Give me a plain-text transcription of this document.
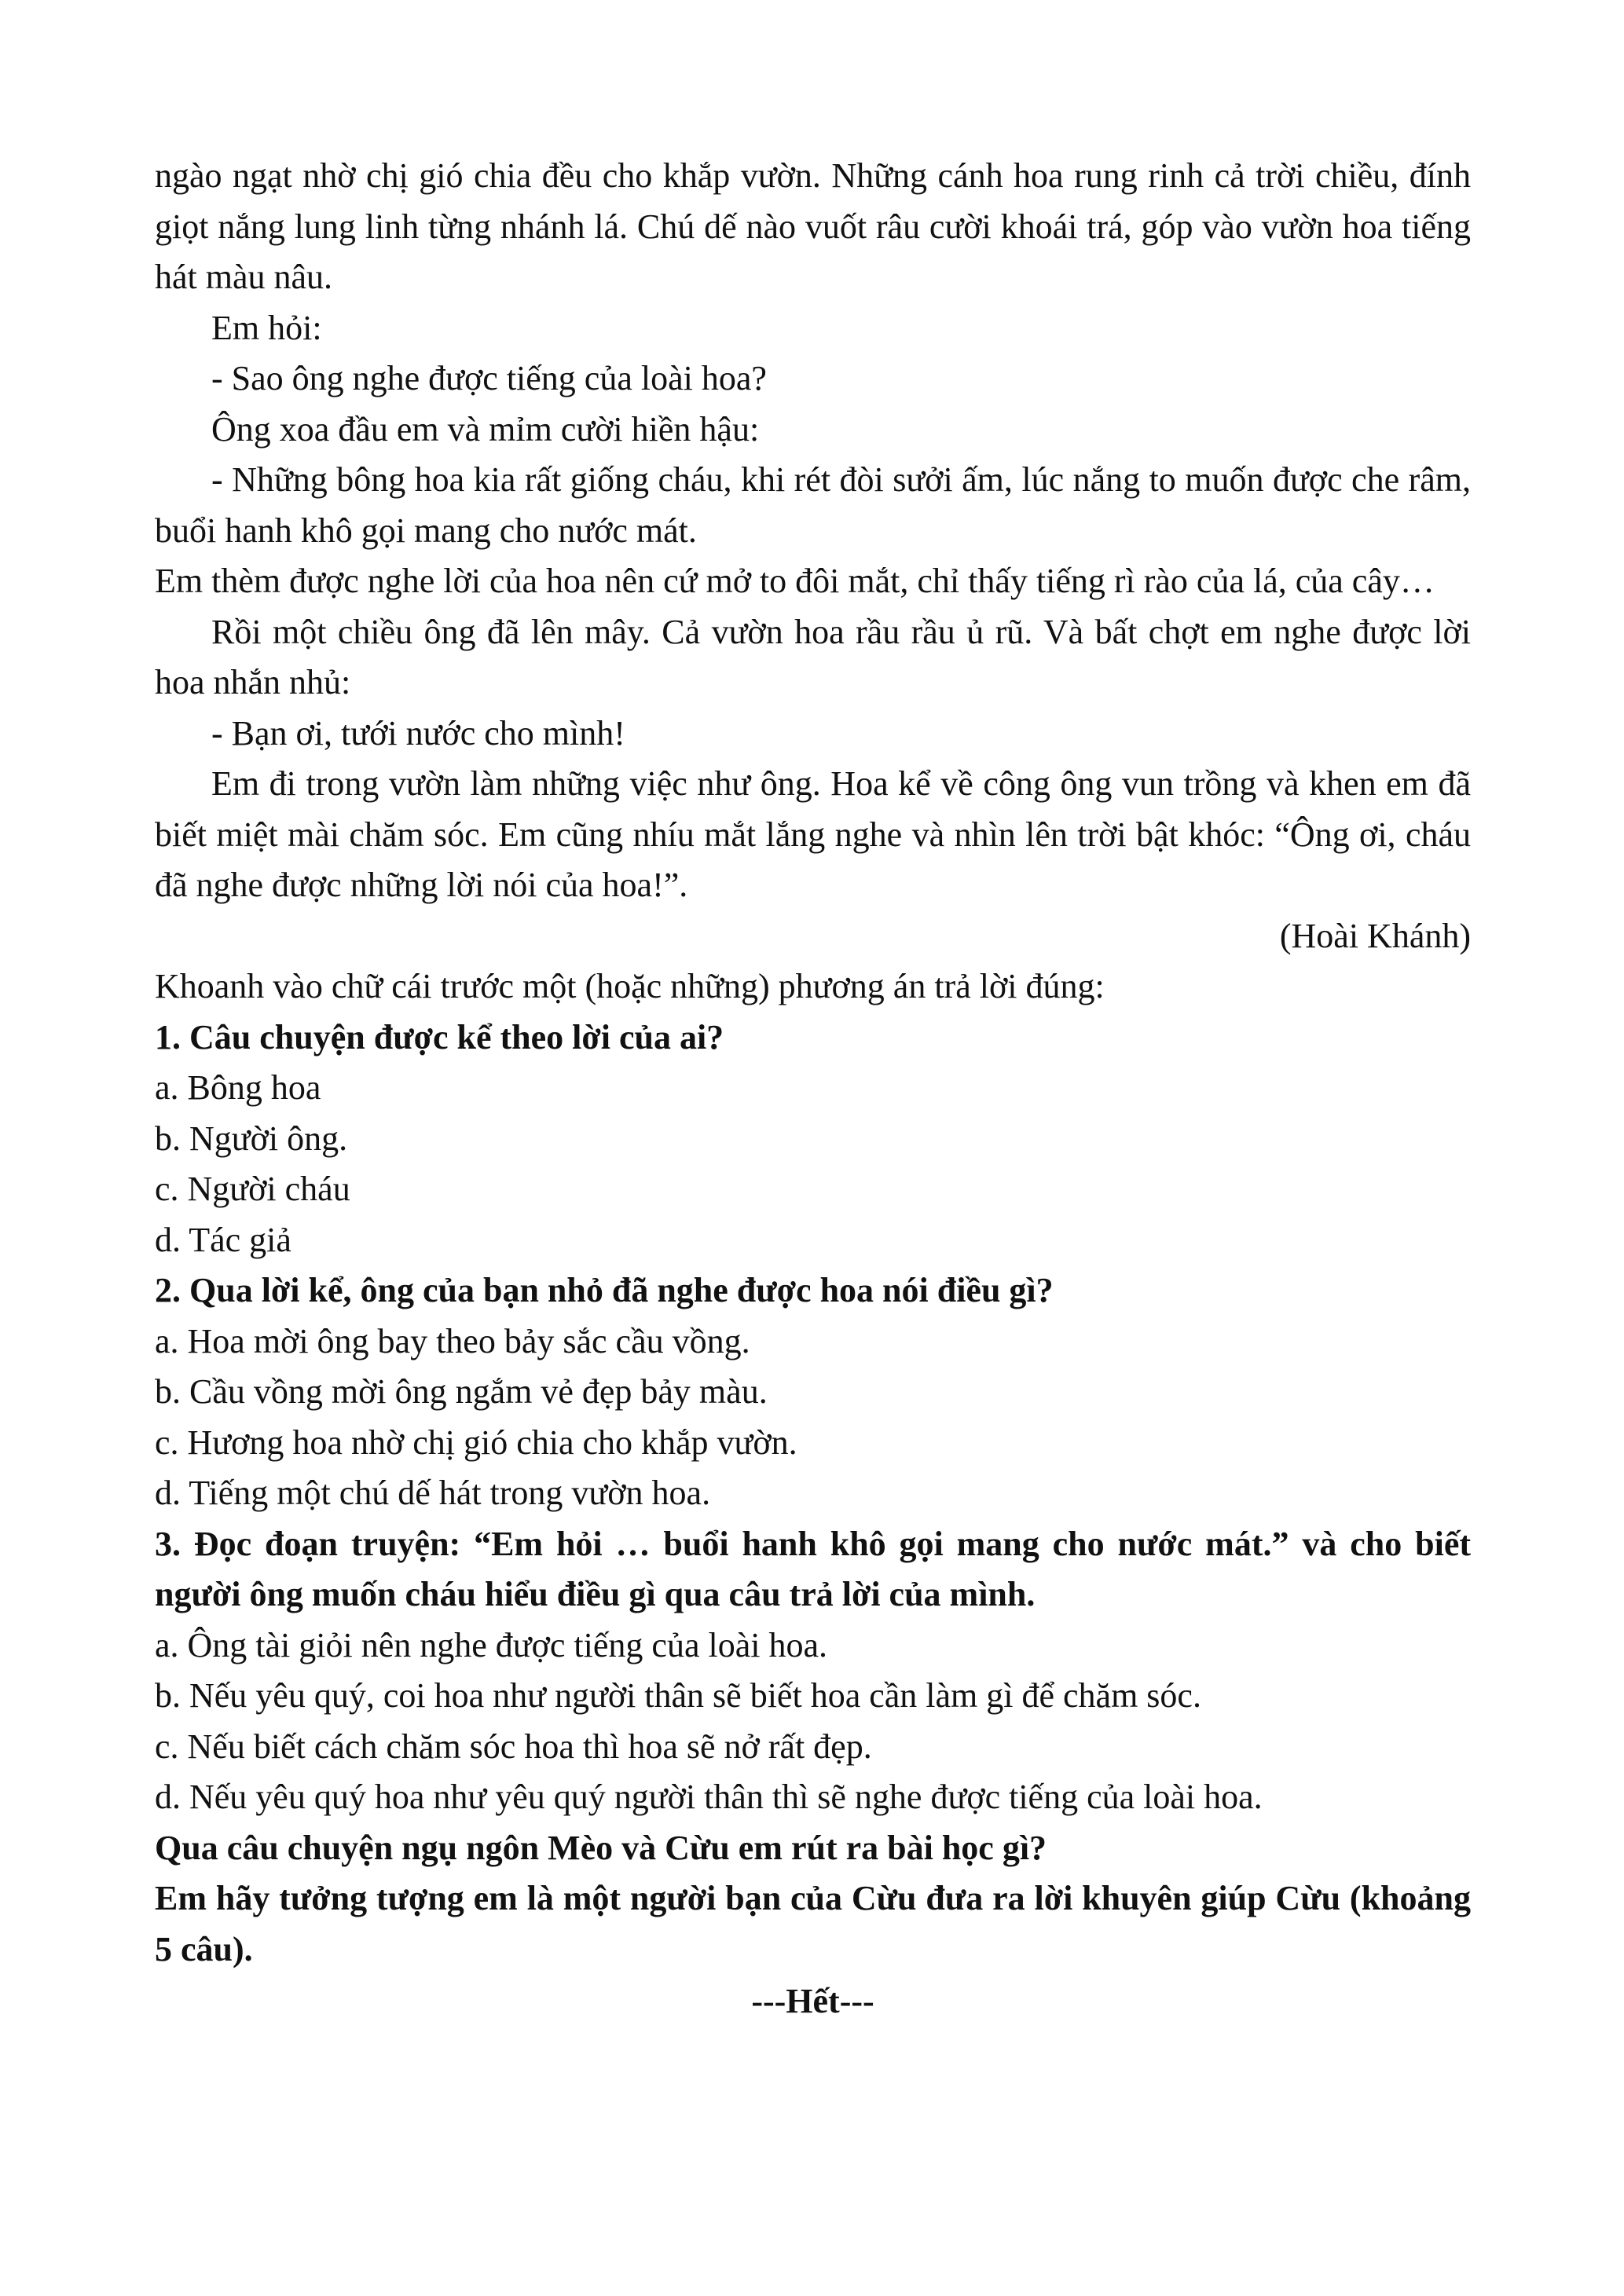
ngào ngạt nhờ chị gió chia đều cho khắp vườn. Những cánh hoa rung rinh cả trời chiều, đính giọt nắng lung linh từng nhánh lá. Chú dế nào vuốt râu cười khoái trá, góp vào vườn hoa tiếng hát màu nâu.

Em hỏi:

- Sao ông nghe được tiếng của loài hoa?

Ông xoa đầu em và mỉm cười hiền hậu:

- Những bông hoa kia rất giống cháu, khi rét đòi sưởi ấm, lúc nắng to muốn được che râm, buổi hanh khô gọi mang cho nước mát.

Em thèm được nghe lời của hoa nên cứ mở to đôi mắt, chỉ thấy tiếng rì rào của lá, của cây…

Rồi một chiều ông đã lên mây. Cả vườn hoa rầu rầu ủ rũ. Và bất chợt em nghe được lời hoa nhắn nhủ:

- Bạn ơi, tưới nước cho mình!

Em đi trong vườn làm những việc như ông. Hoa kể về công ông vun trồng và khen em đã biết miệt mài chăm sóc. Em cũng nhíu mắt lắng nghe và nhìn lên trời bật khóc: “Ông ơi, cháu đã nghe được những lời nói của hoa!”.

(Hoài Khánh)

Khoanh vào chữ cái trước một (hoặc những) phương án trả lời đúng:

1. Câu chuyện được kể theo lời của ai?

a. Bông hoa

b. Người ông.

c. Người cháu

d. Tác giả

2. Qua lời kể, ông của bạn nhỏ đã nghe được hoa nói điều gì?

a. Hoa mời ông bay theo bảy sắc cầu vồng.

b. Cầu vồng mời ông ngắm vẻ đẹp bảy màu.

c. Hương hoa nhờ chị gió chia cho khắp vườn.

d. Tiếng một chú dế hát trong vườn hoa.

3. Đọc đoạn truyện: “Em hỏi … buổi hanh khô gọi mang cho nước mát.” và cho biết người ông muốn cháu hiểu điều gì qua câu trả lời của mình.

a. Ông tài giỏi nên nghe được tiếng của loài hoa.

b. Nếu yêu quý, coi hoa như người thân sẽ biết hoa cần làm gì để chăm sóc.

c. Nếu biết cách chăm sóc hoa thì hoa sẽ nở rất đẹp.

d. Nếu yêu quý hoa như yêu quý người thân thì sẽ nghe được tiếng của loài hoa.

Qua câu chuyện ngụ ngôn Mèo và Cừu em rút ra bài học gì?

Em hãy tưởng tượng em là một người bạn của Cừu đưa ra lời khuyên giúp Cừu (khoảng 5 câu).

---Hết---
